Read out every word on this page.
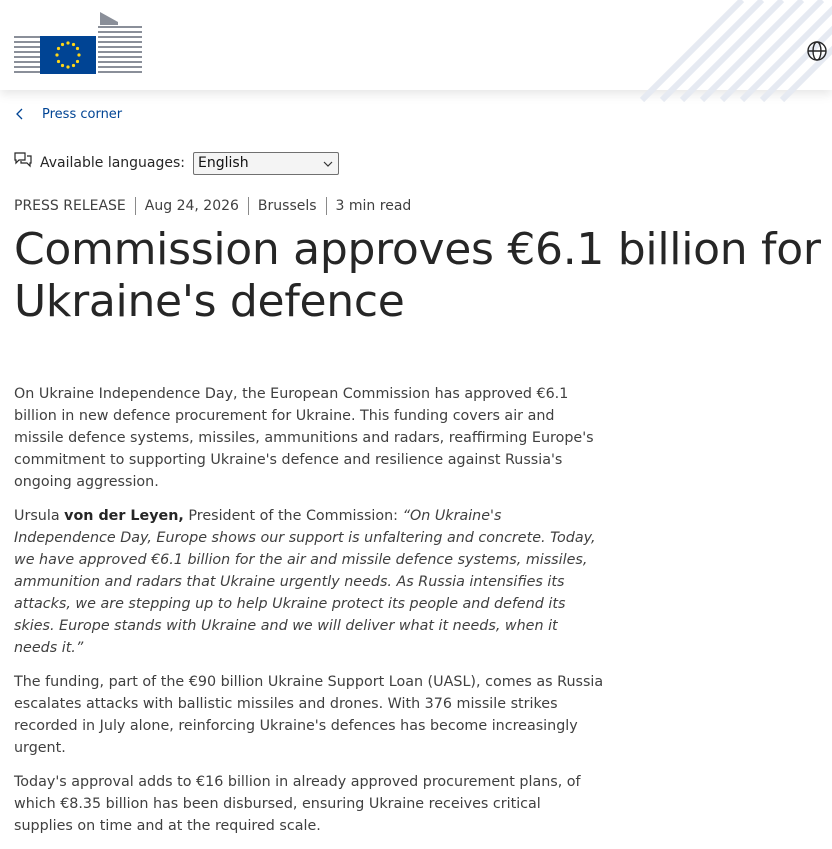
Press corner
Available languages: English
PRESS RELEASE Aug 24, 2026 Brussels 3 min read
Commission approves €6.1 billion for Ukraine's defence

On Ukraine Independence Day, the European Commission has approved €6.1 billion in new defence procurement for Ukraine. This funding covers air and missile defence systems, missiles, ammunitions and radars, reaffirming Europe's commitment to supporting Ukraine's defence and resilience against Russia's ongoing aggression.

Ursula von der Leyen, President of the Commission: “On Ukraine's Independence Day, Europe shows our support is unfaltering and concrete. Today, we have approved €6.1 billion for the air and missile defence systems, missiles, ammunition and radars that Ukraine urgently needs. As Russia intensifies its attacks, we are stepping up to help Ukraine protect its people and defend its skies. Europe stands with Ukraine and we will deliver what it needs, when it needs it.”

The funding, part of the €90 billion Ukraine Support Loan (UASL), comes as Russia escalates attacks with ballistic missiles and drones. With 376 missile strikes recorded in July alone, reinforcing Ukraine's defences has become increasingly urgent.

Today's approval adds to €16 billion in already approved procurement plans, of which €8.35 billion has been disbursed, ensuring Ukraine receives critical supplies on time and at the required scale.
